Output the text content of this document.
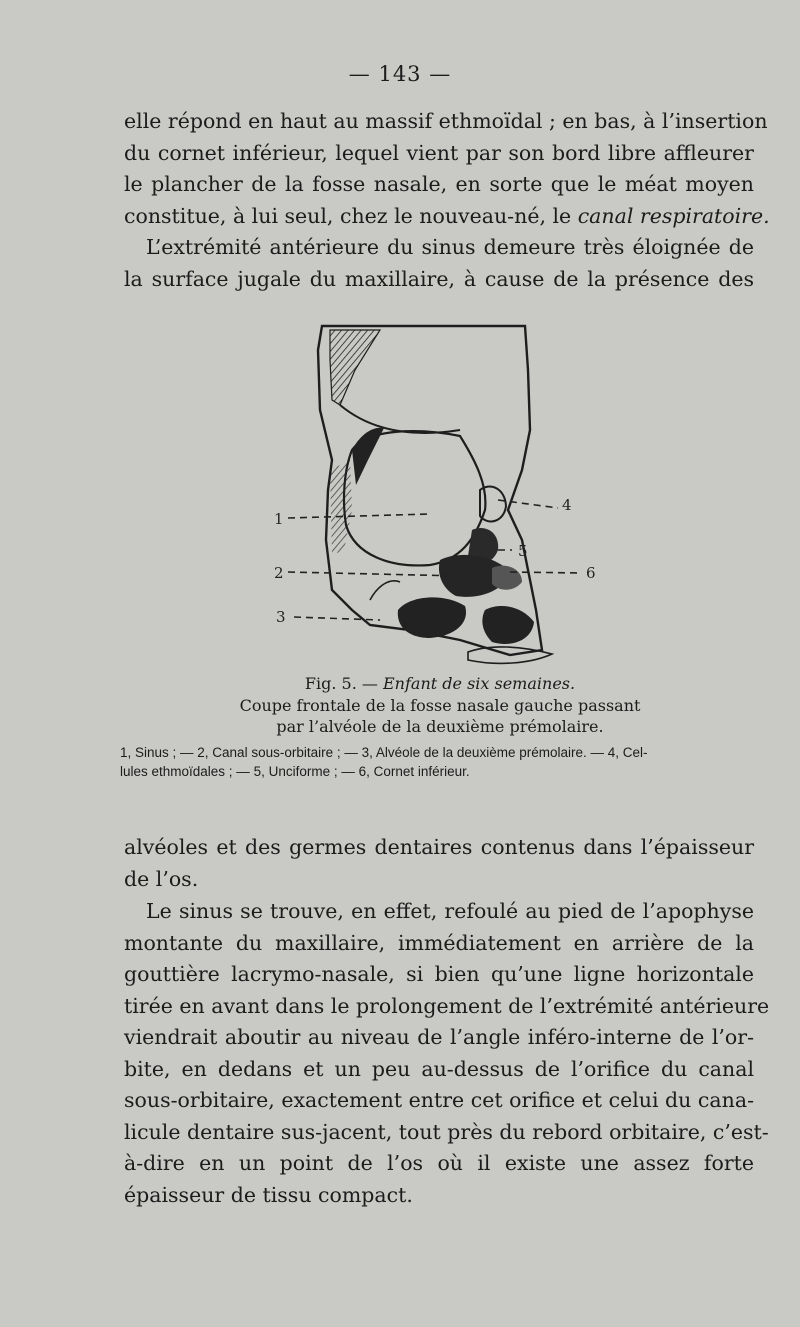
— 143 —
elle répond en haut au massif ethmoïdal ; en bas, à l’insertion
du cornet inférieur, lequel vient par son bord libre affleurer
le plancher de la fosse nasale, en sorte que le méat moyen
constitue, à lui seul, chez le nouveau-né, le canal respiratoire.
L’extrémité antérieure du sinus demeure très éloignée de
la surface jugale du maxillaire, à cause de la présence des
1
2
3
4
5
6
Fig. 5. — Enfant de six semaines.
Coupe frontale de la fosse nasale gauche passant
par l’alvéole de la deuxième prémolaire.
1, Sinus ; — 2, Canal sous-orbitaire ; — 3, Alvéole de la deuxième prémolaire. — 4, Cel-
lules ethmoïdales ; — 5, Unciforme ; — 6, Cornet inférieur.
alvéoles et des germes dentaires contenus dans l’épaisseur
de l’os.
Le sinus se trouve, en effet, refoulé au pied de l’apophyse
montante du maxillaire, immédiatement en arrière de la
gouttière lacrymo-nasale, si bien qu’une ligne horizontale
tirée en avant dans le prolongement de l’extrémité antérieure
viendrait aboutir au niveau de l’angle inféro-interne de l’or-
bite, en dedans et un peu au-dessus de l’orifice du canal
sous-orbitaire, exactement entre cet orifice et celui du cana-
licule dentaire sus-jacent, tout près du rebord orbitaire, c’est-
à-dire en un point de l’os où il existe une assez forte
épaisseur de tissu compact.
